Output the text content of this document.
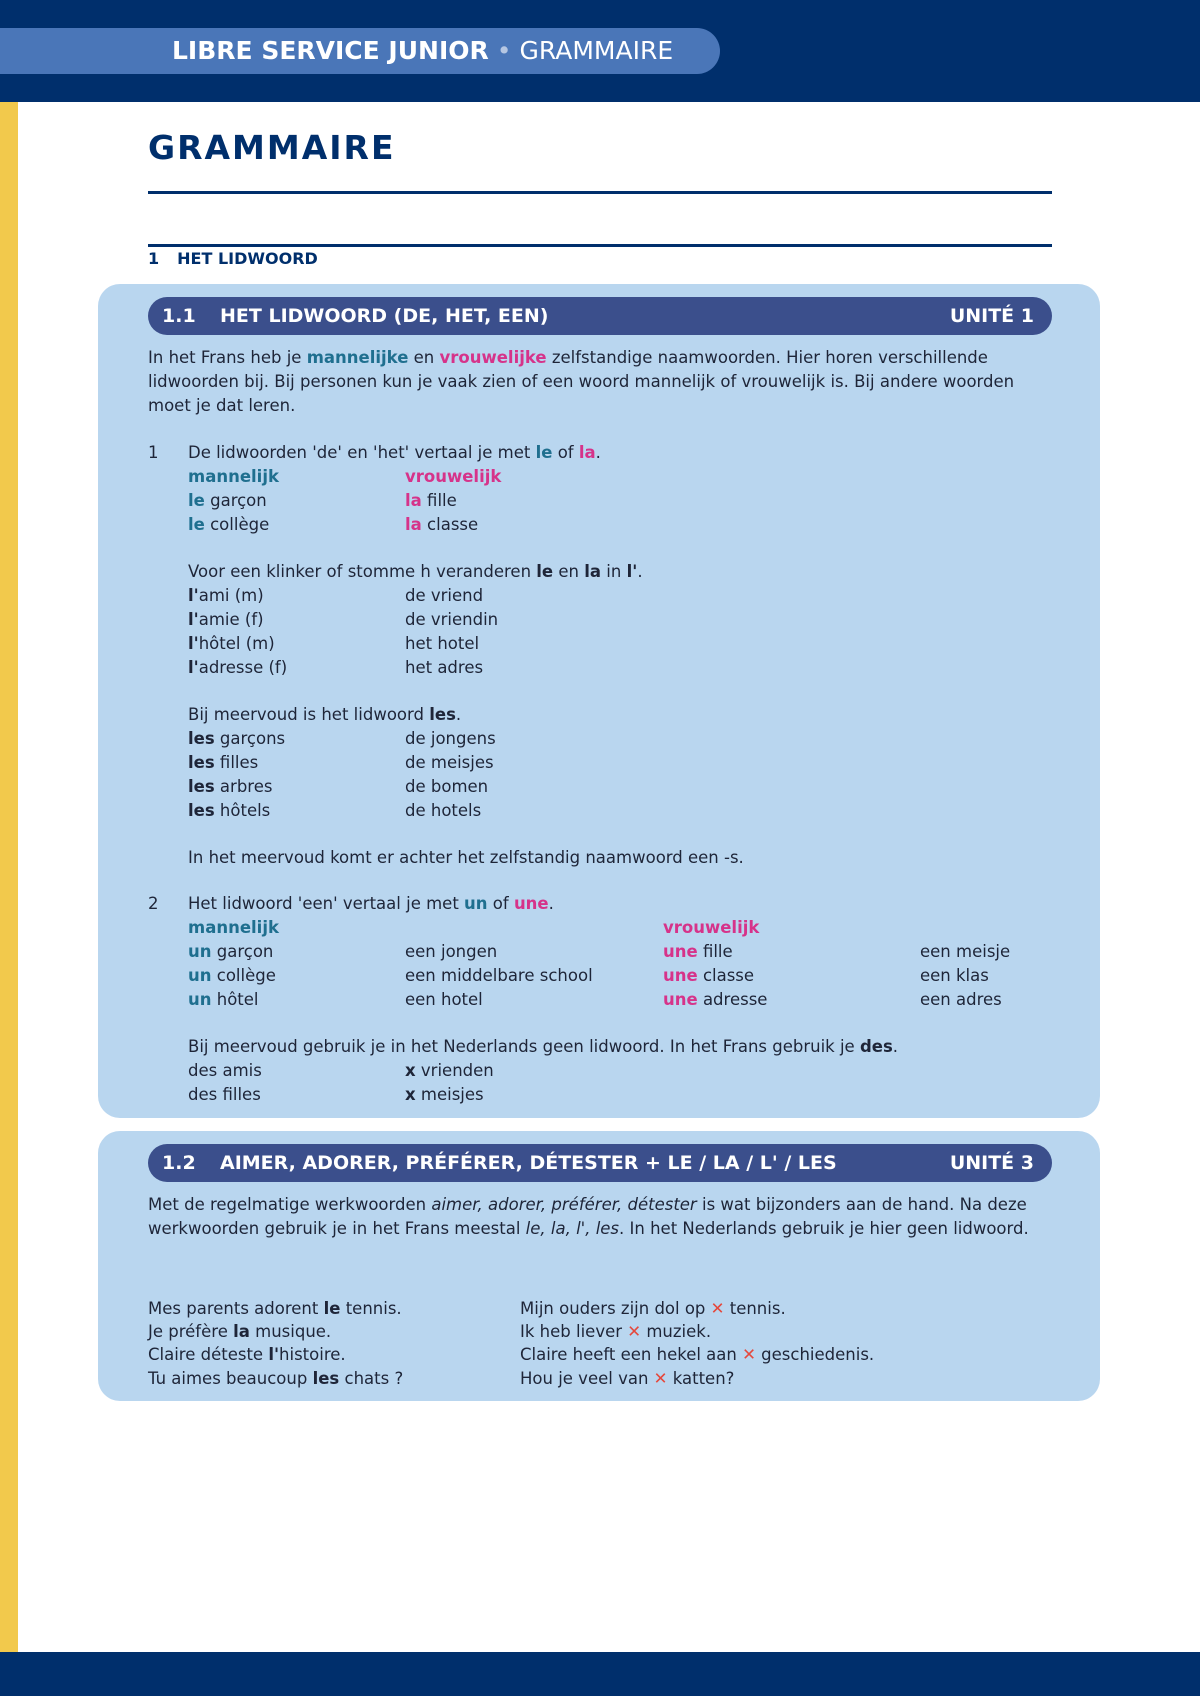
LIBRE SERVICE JUNIOR • GRAMMAIRE
GRAMMAIRE
1 HET LIDWOORD
1.1 HET LIDWOORD (DE, HET, EEN)	UNITÉ 1
In het Frans heb je mannelijke en vrouwelijke zelfstandige naamwoorden. Hier horen verschillende lidwoorden bij. Bij personen kun je vaak zien of een woord mannelijk of vrouwelijk is. Bij andere woorden moet je dat leren.
1 De lidwoorden 'de' en 'het' vertaal je met le of la.
mannelijk	vrouwelijk
le garçon	la fille
le collège	la classe
Voor een klinker of stomme h veranderen le en la in l'.
l'ami (m)	de vriend
l'amie (f)	de vriendin
l'hôtel (m)	het hotel
l'adresse (f)	het adres
Bij meervoud is het lidwoord les.
les garçons	de jongens
les filles	de meisjes
les arbres	de bomen
les hôtels	de hotels
In het meervoud komt er achter het zelfstandig naamwoord een -s.
2 Het lidwoord 'een' vertaal je met un of une.
mannelijk	vrouwelijk
un garçon	een jongen	une fille	een meisje
un collège	een middelbare school	une classe	een klas
un hôtel	een hotel	une adresse	een adres
Bij meervoud gebruik je in het Nederlands geen lidwoord. In het Frans gebruik je des.
des amis	x vrienden
des filles	x meisjes
1.2 AIMER, ADORER, PRÉFÉRER, DÉTESTER + LE / LA / L' / LES	UNITÉ 3
Met de regelmatige werkwoorden aimer, adorer, préférer, détester is wat bijzonders aan de hand. Na deze werkwoorden gebruik je in het Frans meestal le, la, l', les. In het Nederlands gebruik je hier geen lidwoord.
Mes parents adorent le tennis.	Mijn ouders zijn dol op ✕ tennis.
Je préfère la musique.	Ik heb liever ✕ muziek.
Claire déteste l'histoire.	Claire heeft een hekel aan ✕ geschiedenis.
Tu aimes beaucoup les chats ?	Hou je veel van ✕ katten?
